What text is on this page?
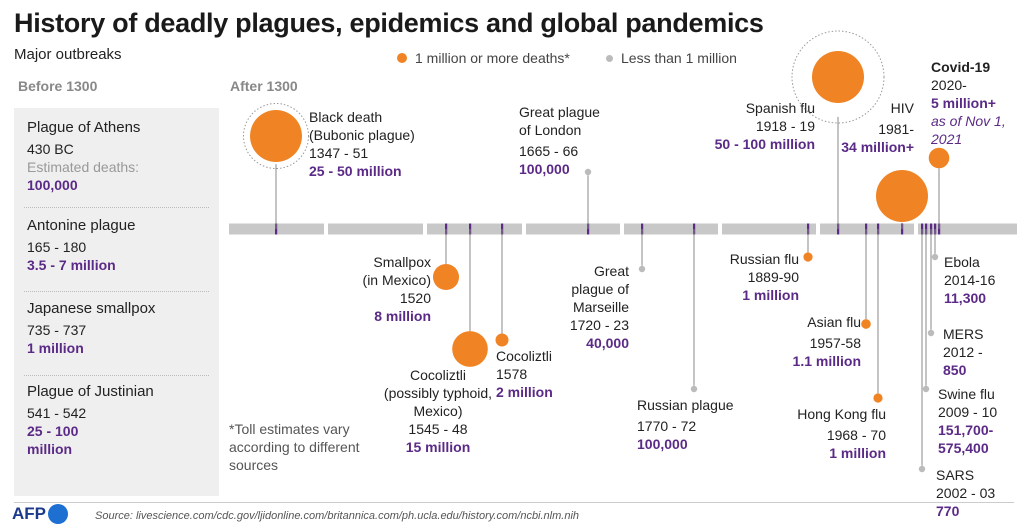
History of deadly plagues, epidemics and global pandemics
Major outbreaks	1 million or more deaths*	Less than 1 million
Before 1300	After 1300
Plague of Athens
430 BC
Estimated deaths:
100,000
Antonine plague
165 - 180
3.5 - 7 million
Japanese smallpox
735 - 737
1 million
Plague of Justinian
541 - 542
25 - 100 million
Black death
(Bubonic plague)
1347 - 51
25 - 50 million
Smallpox
(in Mexico)
1520
8 million
Cocoliztli
(possibly typhoid,
Mexico)
1545 - 48
15 million
Cocoliztli
1578
2 million
Great plague
of London
1665 - 66
100,000
Great
plague of
Marseille
1720 - 23
40,000
Russian plague
1770 - 72
100,000
Russian flu
1889-90
1 million
Spanish flu
1918 - 19
50 - 100 million
Asian flu
1957-58
1.1 million
Hong Kong flu
1968 - 70
1 million
HIV
1981-
34 million+
Covid-19
2020-
5 million+
as of Nov 1, 2021
Ebola
2014-16
11,300
MERS
2012 -
850
Swine flu
2009 - 10
151,700-575,400
SARS
2002 - 03
770
*Toll estimates vary
according to different
sources
AFP	Source: livescience.com/cdc.gov/ljidonline.com/britannica.com/ph.ucla.edu/history.com/ncbi.nlm.nih
